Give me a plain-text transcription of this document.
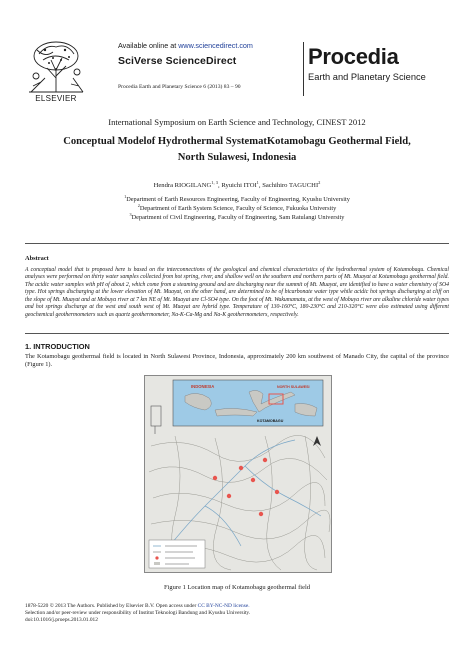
ELSEVIER
Available online at www.sciencedirect.com
SciVerse ScienceDirect
Procedia Earth and Planetary Science 6 (2013) 83 – 90
Procedia
Earth and Planetary Science
International Symposium on Earth Science and Technology, CINEST 2012
Conceptual Modelof Hydrothermal SystematKotamobagu Geothermal Field,
North Sulawesi, Indonesia
Hendra RIOGILANG$^{1, 3}$, Ryuichi ITOI$^1$, Sachihiro TAGUCHI$^2$
$^1$Department of Earth Resources Engineering, Faculty of Engineering, Kyushu University
$^2$Department of Earth System Science, Faculty of Science, Fukuoka University
$^3$Department of Civil Engineering, Faculty of Engineering, Sam Ratulangi University
Abstract
A conceptual model that is proposed here is based on the interconnections of the geological and chemical characteristics of the hydrothermal system of Kotamobagu. Chemical analyses were performed on thirty water samples collected from hot spring, river, and shallow well on the southern and northern parts of Mt. Muayat at Kotamobagu geothermal field. The acidic water samples with pH of about 2, which come from a steaming ground and are discharging near the summit of Mt. Muayat, are identified to have a water chemistry of SO4 type. Hot springs discharging at the lower elevation of Mt. Muayat, on the other hand, are determined to be of bicarbonate water type while acidic hot springs discharging at cliff on the slope of Mt. Muayat and at Mobuya river at 7 km NE of Mt. Muayat are Cl-SO4 type. On the foot of Mt. Wakumamatu, at the west of Mobuya river are alkaline chloride water types and hot springs discharge at the west and south west of Mt. Muayat are hybrid type. Temperature of 130-160°C, 180-230°C and 210-320°C were also estimated using different geochemical geothermometers such as quartz geothermometer, Na-K-Ca-Mg and Na-K geothermometers, respectively.
1. INTRODUCTION
The Kotamobagu geothermal field is located in North Sulawesi Province, Indonesia, approximately 200 km southwest of Manado City, the capital of the province (Figure 1).
INDONESIA	NORTH SULAWESI
KOTAMOBAGU
Figure 1 Location map of Kotamobagu geothermal field
1878-5220 © 2013 The Authors. Published by Elsevier B.V. Open access under CC BY-NC-ND license.
Selection and/or peer-review under responsibility of Institut Teknologi Bandung and Kyushu University.
doi:10.1016/j.proeps.2013.01.012
